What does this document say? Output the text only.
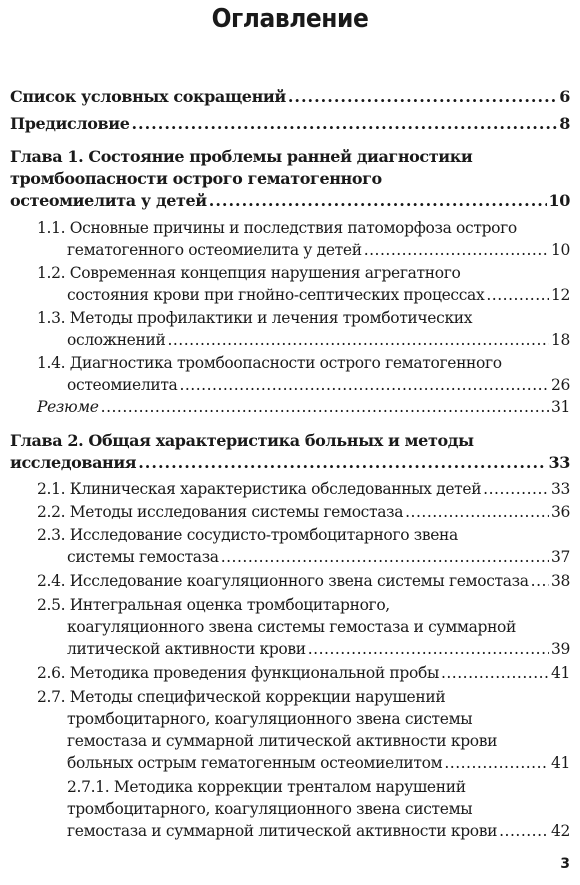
Оглавление
Список условных сокращений .....	6
Предисловие .....	8
Глава 1. Состояние проблемы ранней диагностики
тромбоопасности острого гематогенного
остеомиелита у детей .....	10
1.1. Основные причины и последствия патоморфоза острого
гематогенного остеомиелита у детей .....	10
1.2. Современная концепция нарушения агрегатного
состояния крови при гнойно-септических процессах .....	12
1.3. Методы профилактики и лечения тромботических
осложнений .....	18
1.4. Диагностика тромбоопасности острого гематогенного
остеомиелита .....	26
Резюме .....	31
Глава 2. Общая характеристика больных и методы
исследования .....	33
2.1. Клиническая характеристика обследованных детей .....	33
2.2. Методы исследования системы гемостаза .....	36
2.3. Исследование сосудисто-тромбоцитарного звена
системы гемостаза .....	37
2.4. Исследование коагуляционного звена системы гемостаза ..... 38
2.5. Интегральная оценка тромбоцитарного,
коагуляционного звена системы гемостаза и суммарной
литической активности крови .....	39
2.6. Методика проведения функциональной пробы .....	41
2.7. Методы специфической коррекции нарушений
тромбоцитарного, коагуляционного звена системы
гемостаза и суммарной литической активности крови
больных острым гематогенным остеомиелитом .....	41
2.7.1. Методика коррекции тренталом нарушений
тромбоцитарного, коагуляционного звена системы
гемостаза и суммарной литической активности крови .....	42
3
